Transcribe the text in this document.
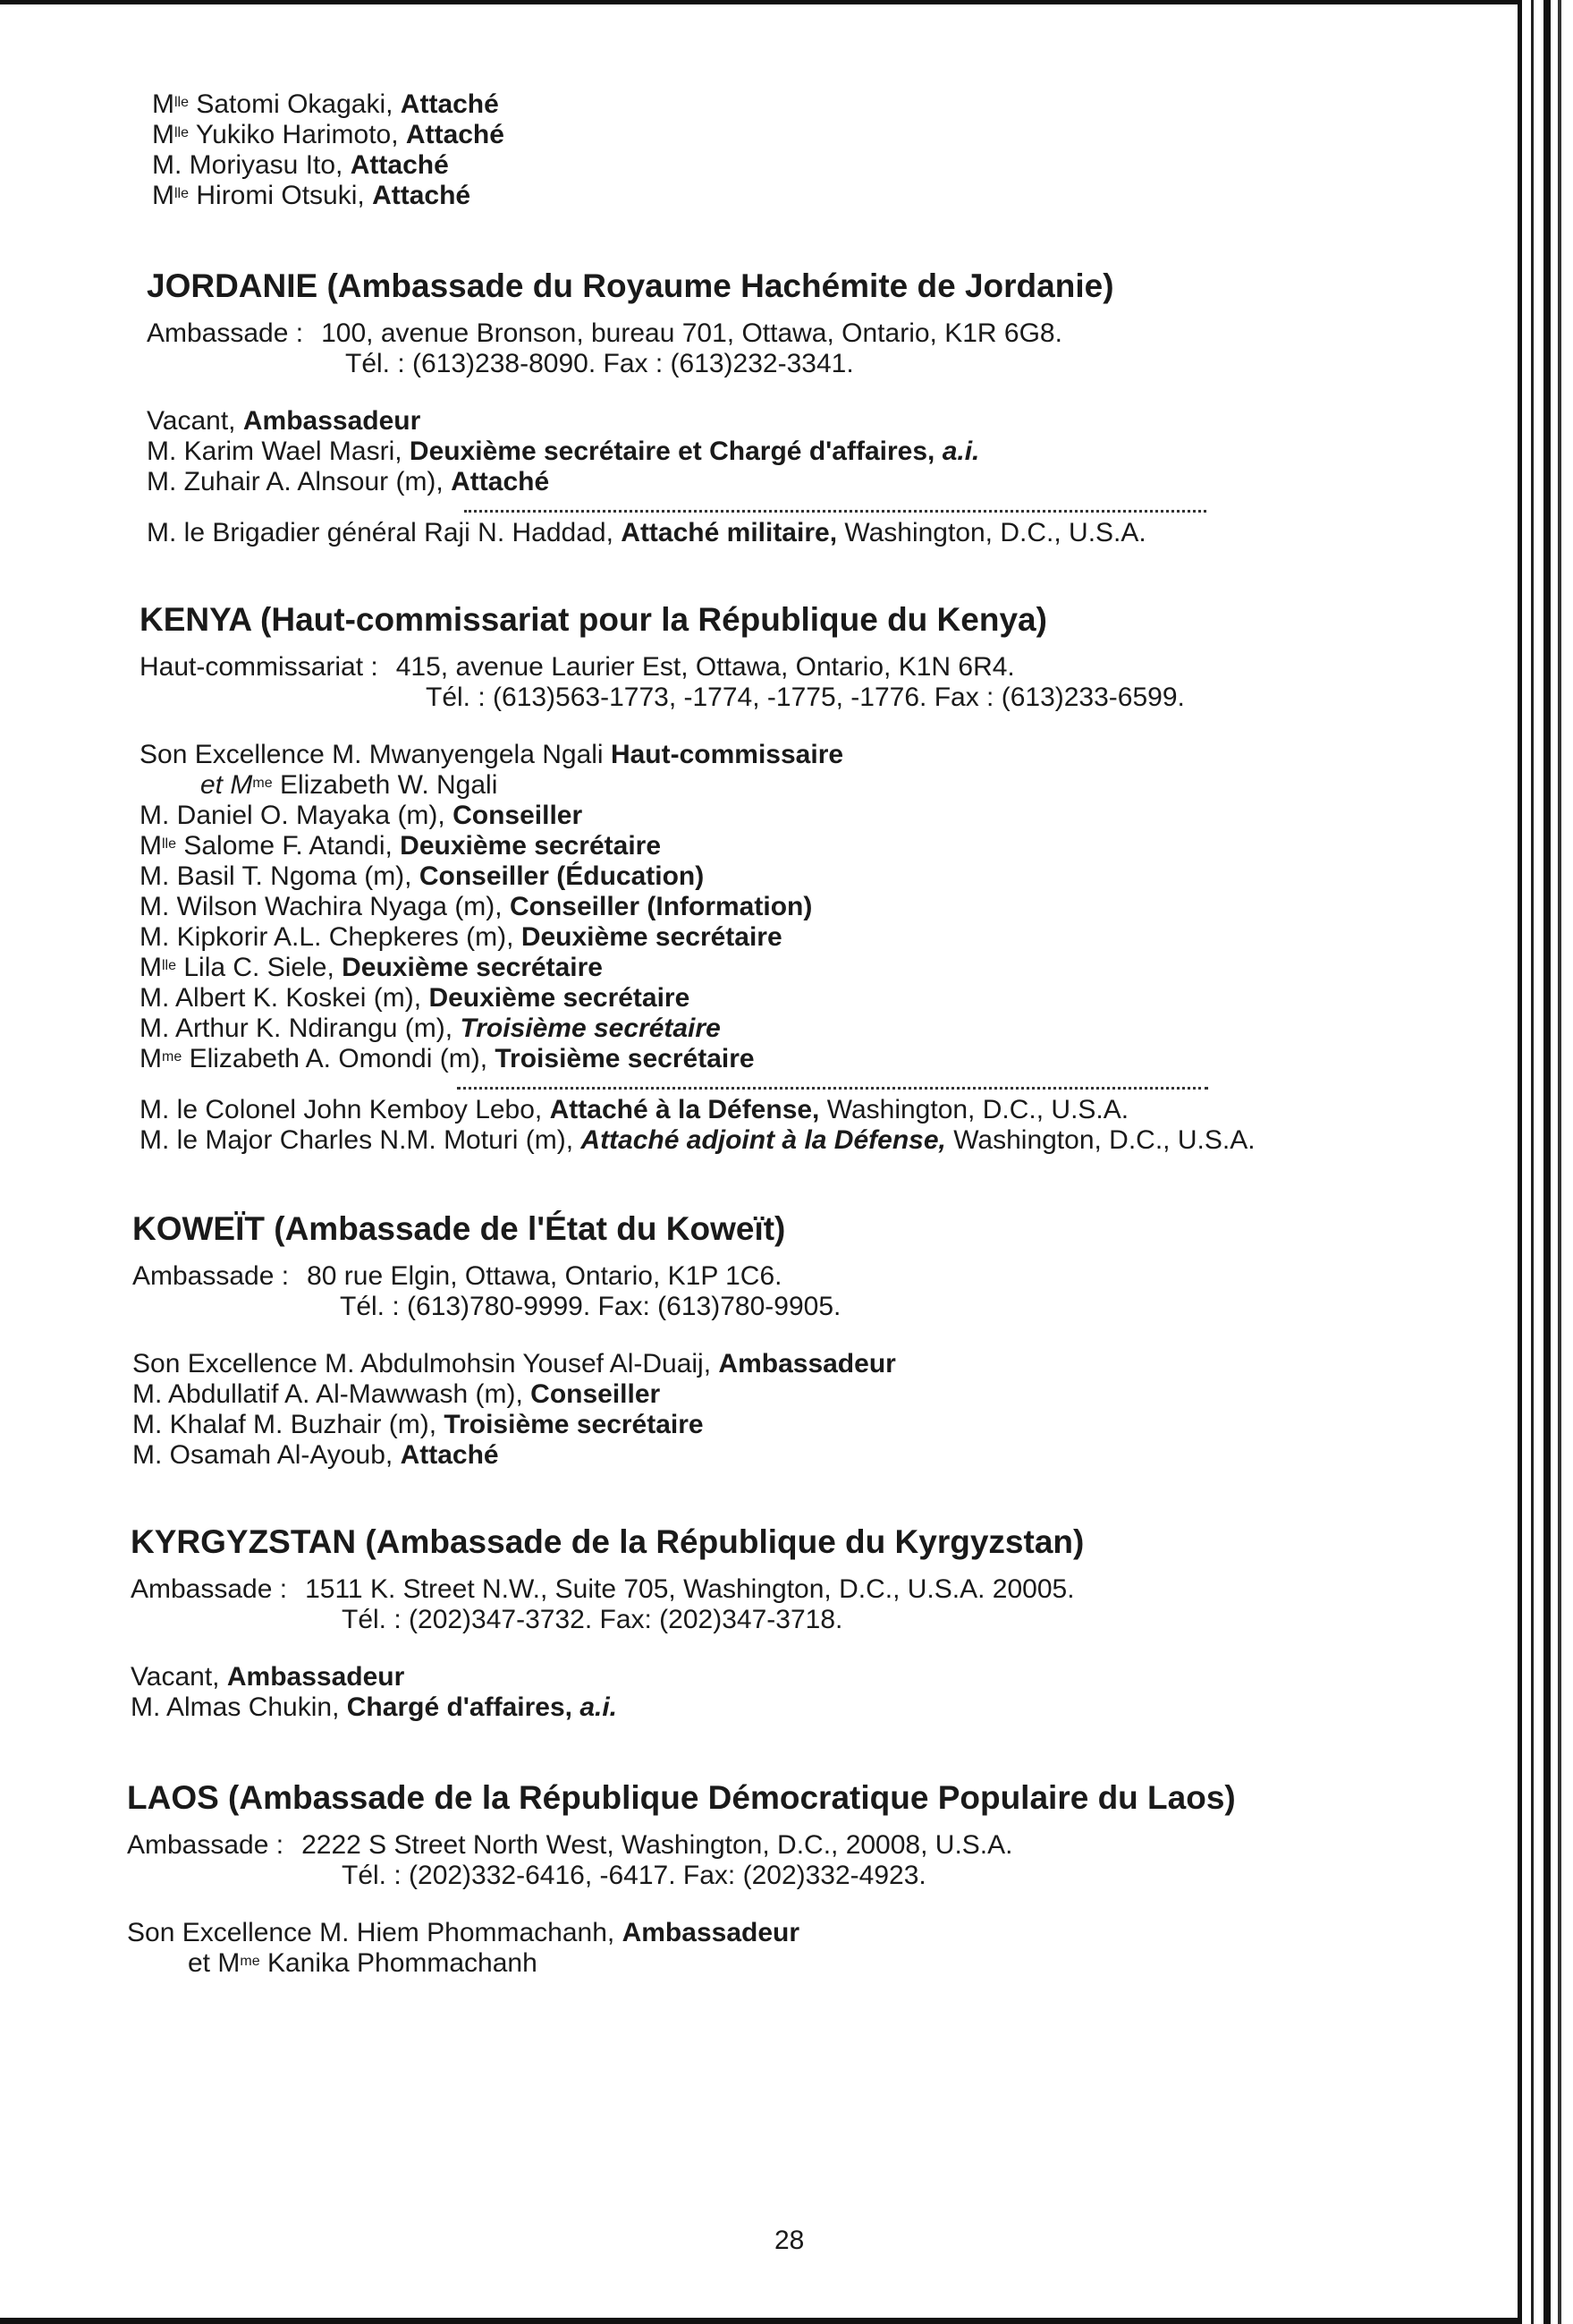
$M^{lle}$ Satomi Okagaki, Attaché
$M^{lle}$ Yukiko Harimoto, Attaché
M. Moriyasu Ito, Attaché
$M^{lle}$ Hiromi Otsuki, Attaché
JORDANIE (Ambassade du Royaume Hachémite de Jordanie)
Ambassade : 100, avenue Bronson, bureau 701, Ottawa, Ontario, K1R 6G8.
Tél. : (613)238-8090. Fax : (613)232-3341.
Vacant, Ambassadeur
M. Karim Wael Masri, Deuxième secrétaire et Chargé d'affaires, a.i.
M. Zuhair A. Alnsour (m), Attaché
M. le Brigadier général Raji N. Haddad, Attaché militaire, Washington, D.C., U.S.A.
KENYA (Haut-commissariat pour la République du Kenya)
Haut-commissariat : 415, avenue Laurier Est, Ottawa, Ontario, K1N 6R4.
Tél. : (613)563-1773, -1774, -1775, -1776. Fax : (613)233-6599.
Son Excellence M. Mwanyengela Ngali Haut-commissaire
et $M^{me}$ Elizabeth W. Ngali
M. Daniel O. Mayaka (m), Conseiller
$M^{lle}$ Salome F. Atandi, Deuxième secrétaire
M. Basil T. Ngoma (m), Conseiller (Éducation)
M. Wilson Wachira Nyaga (m), Conseiller (Information)
M. Kipkorir A.L. Chepkeres (m), Deuxième secrétaire
$M^{lle}$ Lila C. Siele, Deuxième secrétaire
M. Albert K. Koskei (m), Deuxième secrétaire
M. Arthur K. Ndirangu (m), Troisième secrétaire
$M^{me}$ Elizabeth A. Omondi (m), Troisième secrétaire
M. le Colonel John Kemboy Lebo, Attaché à la Défense, Washington, D.C., U.S.A.
M. le Major Charles N.M. Moturi (m), Attaché adjoint à la Défense, Washington, D.C., U.S.A.
KOWEÏT (Ambassade de l'État du Koweït)
Ambassade : 80 rue Elgin, Ottawa, Ontario, K1P 1C6.
Tél. : (613)780-9999. Fax: (613)780-9905.
Son Excellence M. Abdulmohsin Yousef Al-Duaij, Ambassadeur
M. Abdullatif A. Al-Mawwash (m), Conseiller
M. Khalaf M. Buzhair (m), Troisième secrétaire
M. Osamah Al-Ayoub, Attaché
KYRGYZSTAN (Ambassade de la République du Kyrgyzstan)
Ambassade : 1511 K. Street N.W., Suite 705, Washington, D.C., U.S.A. 20005.
Tél. : (202)347-3732. Fax: (202)347-3718.
Vacant, Ambassadeur
M. Almas Chukin, Chargé d'affaires, a.i.
LAOS (Ambassade de la République Démocratique Populaire du Laos)
Ambassade : 2222 S Street North West, Washington, D.C., 20008, U.S.A.
Tél. : (202)332-6416, -6417. Fax: (202)332-4923.
Son Excellence M. Hiem Phommachanh, Ambassadeur
et $M^{me}$ Kanika Phommachanh
28
